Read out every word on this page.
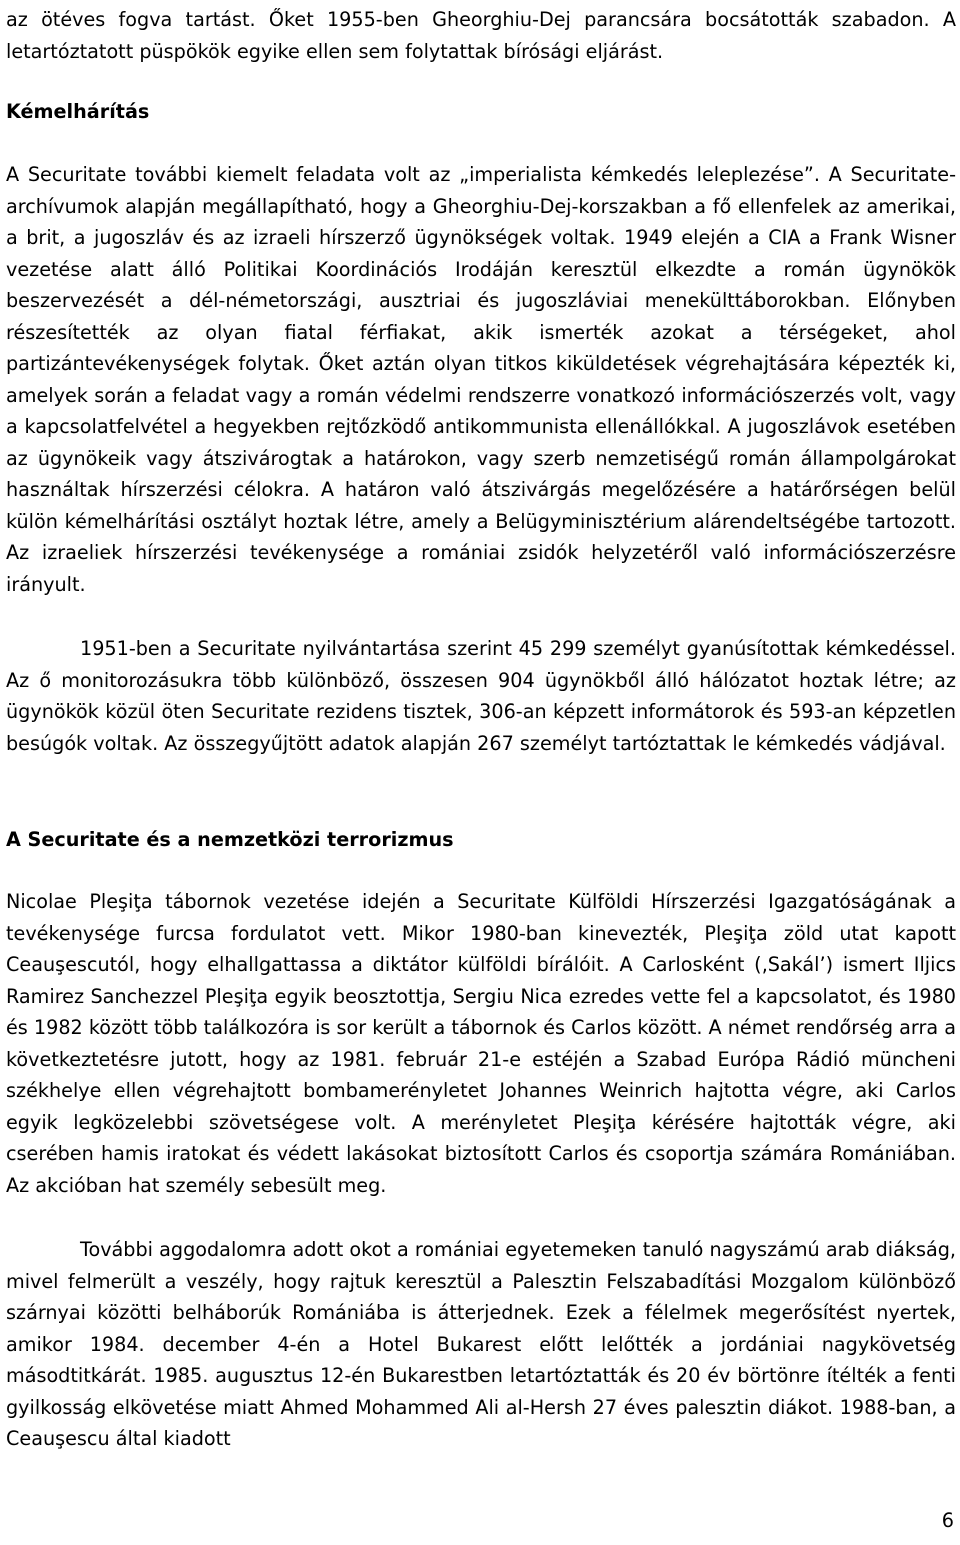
az ötéves fogva tartást. Őket 1955-ben Gheorghiu-Dej parancsára bocsátották szabadon. A letartóztatott püspökök egyike ellen sem folytattak bírósági eljárást.

Kémelhárítás

A Securitate további kiemelt feladata volt az „imperialista kémkedés leleplezése”. A Securitate-archívumok alapján megállapítható, hogy a Gheorghiu-Dej-korszakban a fő ellenfelek az amerikai, a brit, a jugoszláv és az izraeli hírszerző ügynökségek voltak. 1949 elején a CIA a Frank Wisner vezetése alatt álló Politikai Koordinációs Irodáján keresztül elkezdte a román ügynökök beszervezését a dél-németországi, ausztriai és jugoszláviai menekülttáborokban. Előnyben részesítették az olyan fiatal férfiakat, akik ismerték azokat a térségeket, ahol partizántevékenységek folytak. Őket aztán olyan titkos kiküldetések végrehajtására képezték ki, amelyek során a feladat vagy a román védelmi rendszerre vonatkozó információszerzés volt, vagy a kapcsolatfelvétel a hegyekben rejtőzködő antikommunista ellenállókkal. A jugoszlávok esetében az ügynökeik vagy átszivárogtak a határokon, vagy szerb nemzetiségű román állampolgárokat használtak hírszerzési célokra. A határon való átszivárgás megelőzésére a határőrségen belül külön kémelhárítási osztályt hoztak létre, amely a Belügyminisztérium alárendeltségébe tartozott. Az izraeliek hírszerzési tevékenysége a romániai zsidók helyzetéről való információszerzésre irányult.

1951-ben a Securitate nyilvántartása szerint 45 299 személyt gyanúsítottak kémkedéssel. Az ő monitorozásukra több különböző, összesen 904 ügynökből álló hálózatot hoztak létre; az ügynökök közül öten Securitate rezidens tisztek, 306-an képzett informátorok és 593-an képzetlen besúgók voltak. Az összegyűjtött adatok alapján 267 személyt tartóztattak le kémkedés vádjával.

A Securitate és a nemzetközi terrorizmus

Nicolae Pleşiţa tábornok vezetése idején a Securitate Külföldi Hírszerzési Igazgatóságának a tevékenysége furcsa fordulatot vett. Mikor 1980-ban kinevezték, Pleşiţa zöld utat kapott Ceauşescutól, hogy elhallgattassa a diktátor külföldi bírálóit. A Carlosként (‚Sakál’) ismert Iljics Ramirez Sanchezzel Pleşiţa egyik beosztottja, Sergiu Nica ezredes vette fel a kapcsolatot, és 1980 és 1982 között több találkozóra is sor került a tábornok és Carlos között. A német rendőrség arra a következtetésre jutott, hogy az 1981. február 21-e estéjén a Szabad Európa Rádió müncheni székhelye ellen végrehajtott bombamerényletet Johannes Weinrich hajtotta végre, aki Carlos egyik legközelebbi szövetségese volt. A merényletet Pleşiţa kérésére hajtották végre, aki cserében hamis iratokat és védett lakásokat biztosított Carlos és csoportja számára Romániában. Az akcióban hat személy sebesült meg.

További aggodalomra adott okot a romániai egyetemeken tanuló nagyszámú arab diákság, mivel felmerült a veszély, hogy rajtuk keresztül a Palesztin Felszabadítási Mozgalom különböző szárnyai közötti belháborúk Romániába is átterjednek. Ezek a félelmek megerősítést nyertek, amikor 1984. december 4-én a Hotel Bukarest előtt lelőtték a jordániai nagykövetség másodtitkárát. 1985. augusztus 12-én Bukarestben letartóztatták és 20 év börtönre ítélték a fenti gyilkosság elkövetése miatt Ahmed Mohammed Ali al-Hersh 27 éves palesztin diákot. 1988-ban, a Ceauşescu által kiadott

6
